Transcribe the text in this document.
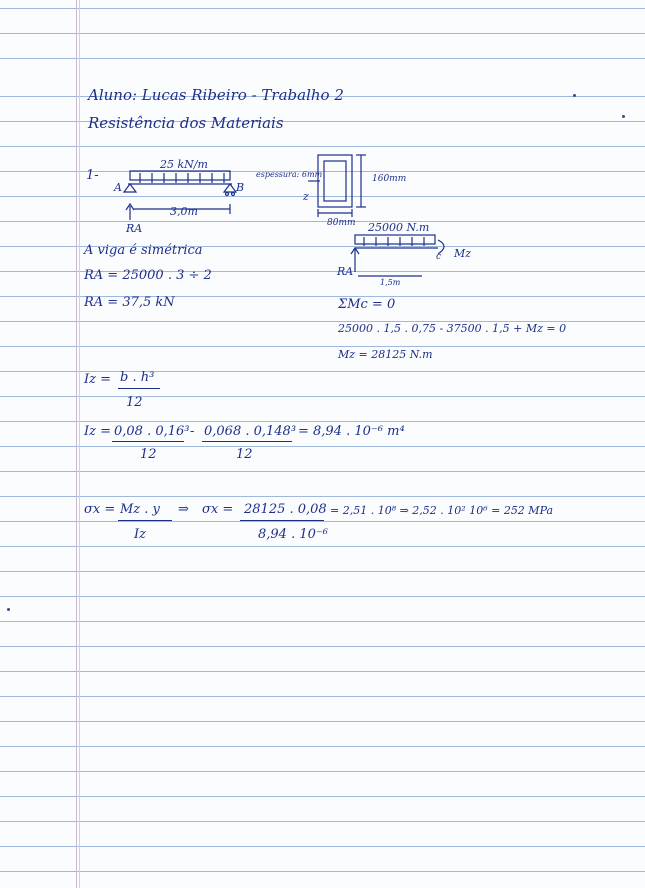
Aluno: Lucas Ribeiro - Trabalho 2
Resistência dos Materiais
1-
25 kN/m
A	B
3,0m
RA
espessura: 6mm
z
160mm
80mm 25000 N.m
Mz
RA
c
1,5m
A viga é simétrica
RA = 25000 . 3 ÷ 2
RA = 37,5 kN	ΣMc = 0
25000 . 1,5 . 0,75 - 37500 . 1,5 + Mz = 0
Mz = 28125 N.m
Iz = b . h³
12
Iz = 0,08 . 0,16³ - 0,068 . 0,148³ = 8,94 . 10⁻⁶ m⁴
12	12
σx = Mz . y
Iz
⇒ σx = 28125 . 0,08
8,94 . 10⁻⁶
= 2,51 . 10⁸ ⇒ 2,52 . 10² 10⁶ = 252 MPa
